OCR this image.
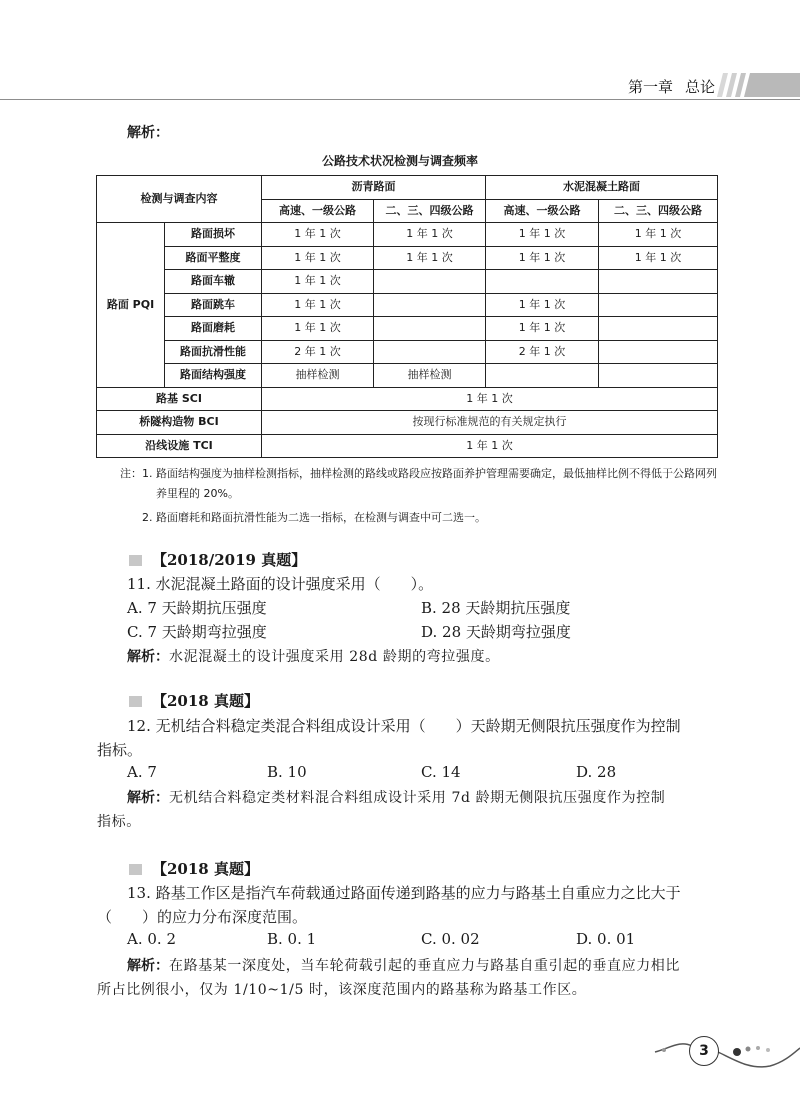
第一章 总论
解析：
公路技术状况检测与调查频率
检测与调查内容		沥青路面		水泥混凝土路面	
		高速、一级公路	二、三、四级公路	高速、一级公路	二、三、四级公路
路面 PQI	路面损坏	1 年 1 次	1 年 1 次	1 年 1 次	1 年 1 次
	路面平整度	1 年 1 次	1 年 1 次	1 年 1 次	1 年 1 次
	路面车辙	1 年 1 次			
	路面跳车	1 年 1 次		1 年 1 次	
	路面磨耗	1 年 1 次		1 年 1 次	
	路面抗滑性能	2 年 1 次		2 年 1 次	
	路面结构强度	抽样检测	抽样检测		
路基 SCI		1 年 1 次			
桥隧构造物 BCI		按现行标准规范的有关规定执行			
沿线设施 TCI		1 年 1 次			
注： 1. 路面结构强度为抽样检测指标，抽样检测的路线或路段应按路面养护管理需要确定，最低抽样比例不得低于公路网列养里程的 20%。
2. 路面磨耗和路面抗滑性能为二选一指标，在检测与调查中可二选一。
【2018/2019 真题】
11. 水泥混凝土路面的设计强度采用（　　）。
A. 7 天龄期抗压强度	B. 28 天龄期抗压强度
C. 7 天龄期弯拉强度	D. 28 天龄期弯拉强度
解析：水泥混凝土的设计强度采用 28d 龄期的弯拉强度。
【2018 真题】
12. 无机结合料稳定类混合料组成设计采用（　　）天龄期无侧限抗压强度作为控制
指标。
A. 7	B. 10	C. 14	D. 28
解析：无机结合料稳定类材料混合料组成设计采用 7d 龄期无侧限抗压强度作为控制
指标。
【2018 真题】
13. 路基工作区是指汽车荷载通过路面传递到路基的应力与路基土自重应力之比大于
（　　）的应力分布深度范围。
A. 0. 2	B. 0. 1	C. 0. 02	D. 0. 01
解析：在路基某一深度处，当车轮荷载引起的垂直应力与路基自重引起的垂直应力相比
所占比例很小，仅为 1/10~1/5 时，该深度范围内的路基称为路基工作区。
3
